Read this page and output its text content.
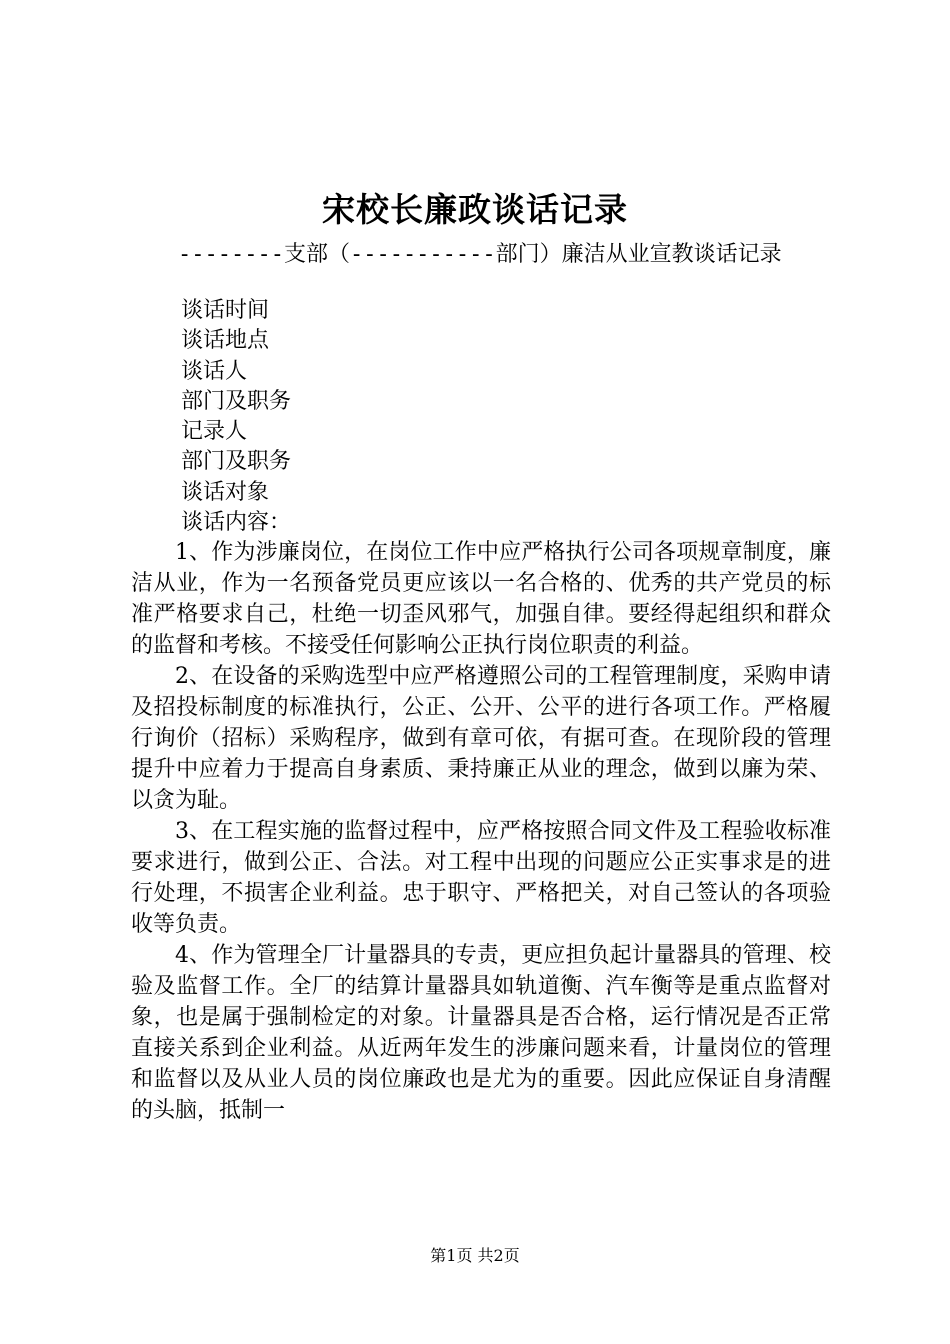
宋校长廉政谈话记录
--------支部（-----------部门）廉洁从业宣教谈话记录
谈话时间
谈话地点
谈话人
部门及职务
记录人
部门及职务
谈话对象
谈话内容：

1、作为涉廉岗位，在岗位工作中应严格执行公司各项规章制度，廉洁从业，作为一名预备党员更应该以一名合格的、优秀的共产党员的标准严格要求自己，杜绝一切歪风邪气，加强自律。要经得起组织和群众的监督和考核。不接受任何影响公正执行岗位职责的利益。

2、在设备的采购选型中应严格遵照公司的工程管理制度，采购申请及招投标制度的标准执行，公正、公开、公平的进行各项工作。严格履行询价（招标）采购程序，做到有章可依，有据可查。在现阶段的管理提升中应着力于提高自身素质、秉持廉正从业的理念，做到以廉为荣、以贪为耻。

3、在工程实施的监督过程中，应严格按照合同文件及工程验收标准要求进行，做到公正、合法。对工程中出现的问题应公正实事求是的进行处理，不损害企业利益。忠于职守、严格把关，对自己签认的各项验收等负责。

4、作为管理全厂计量器具的专责，更应担负起计量器具的管理、校验及监督工作。全厂的结算计量器具如轨道衡、汽车衡等是重点监督对象，也是属于强制检定的对象。计量器具是否合格，运行情况是否正常直接关系到企业利益。从近两年发生的涉廉问题来看，计量岗位的管理和监督以及从业人员的岗位廉政也是尤为的重要。因此应保证自身清醒的头脑，抵制一

第1页 共2页
